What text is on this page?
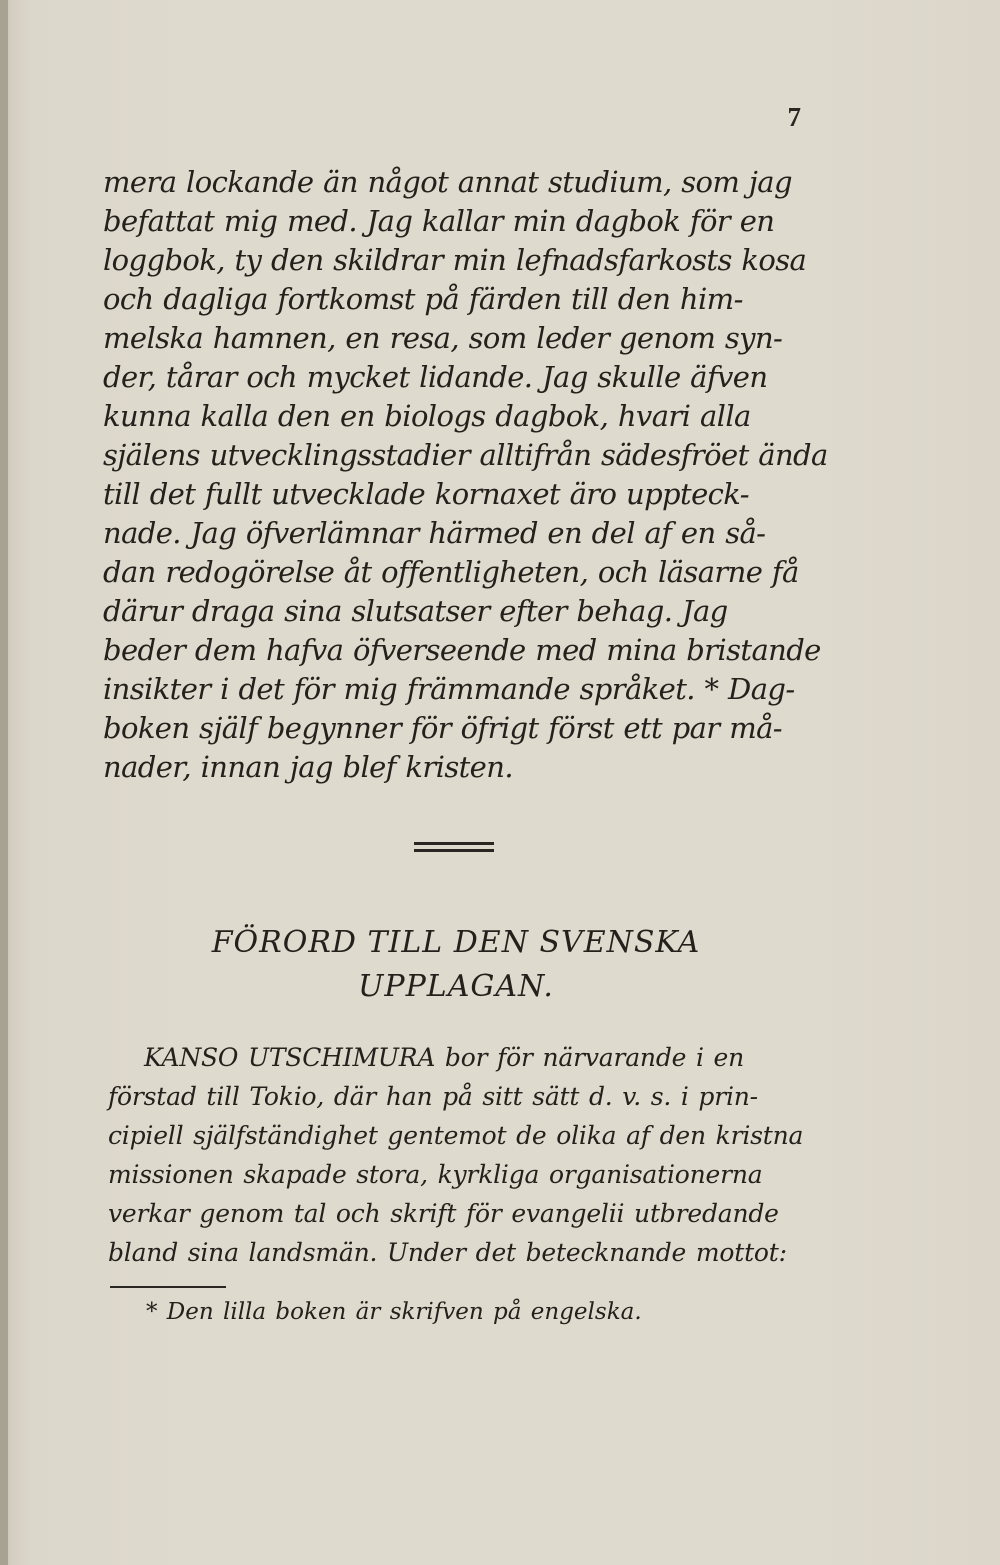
7
mera lockande än något annat studium, som jag
befattat mig med. Jag kallar min dagbok för en
loggbok, ty den skildrar min lefnadsfarkosts kosa
och dagliga fortkomst på färden till den him-
melska hamnen, en resa, som leder genom syn-
der, tårar och mycket lidande. Jag skulle äfven
kunna kalla den en biologs dagbok, hvari alla
själens utvecklingsstadier alltifrån sädesfröet ända
till det fullt utvecklade kornaxet äro uppteck-
nade. Jag öfverlämnar härmed en del af en så-
dan redogörelse åt offentligheten, och läsarne få
därur draga sina slutsatser efter behag. Jag
beder dem hafva öfverseende med mina bristande
insikter i det för mig främmande språket. * Dag-
boken själf begynner för öfrigt först ett par må-
nader, innan jag blef kristen.
FÖRORD TILL DEN SVENSKA
UPPLAGAN.
KANSO UTSCHIMURA bor för närvarande i en
förstad till Tokio, där han på sitt sätt d. v. s. i prin-
cipiell själfständighet gentemot de olika af den kristna
missionen skapade stora, kyrkliga organisationerna
verkar genom tal och skrift för evangelii utbredande
bland sina landsmän. Under det betecknande mottot:
* Den lilla boken är skrifven på engelska.
